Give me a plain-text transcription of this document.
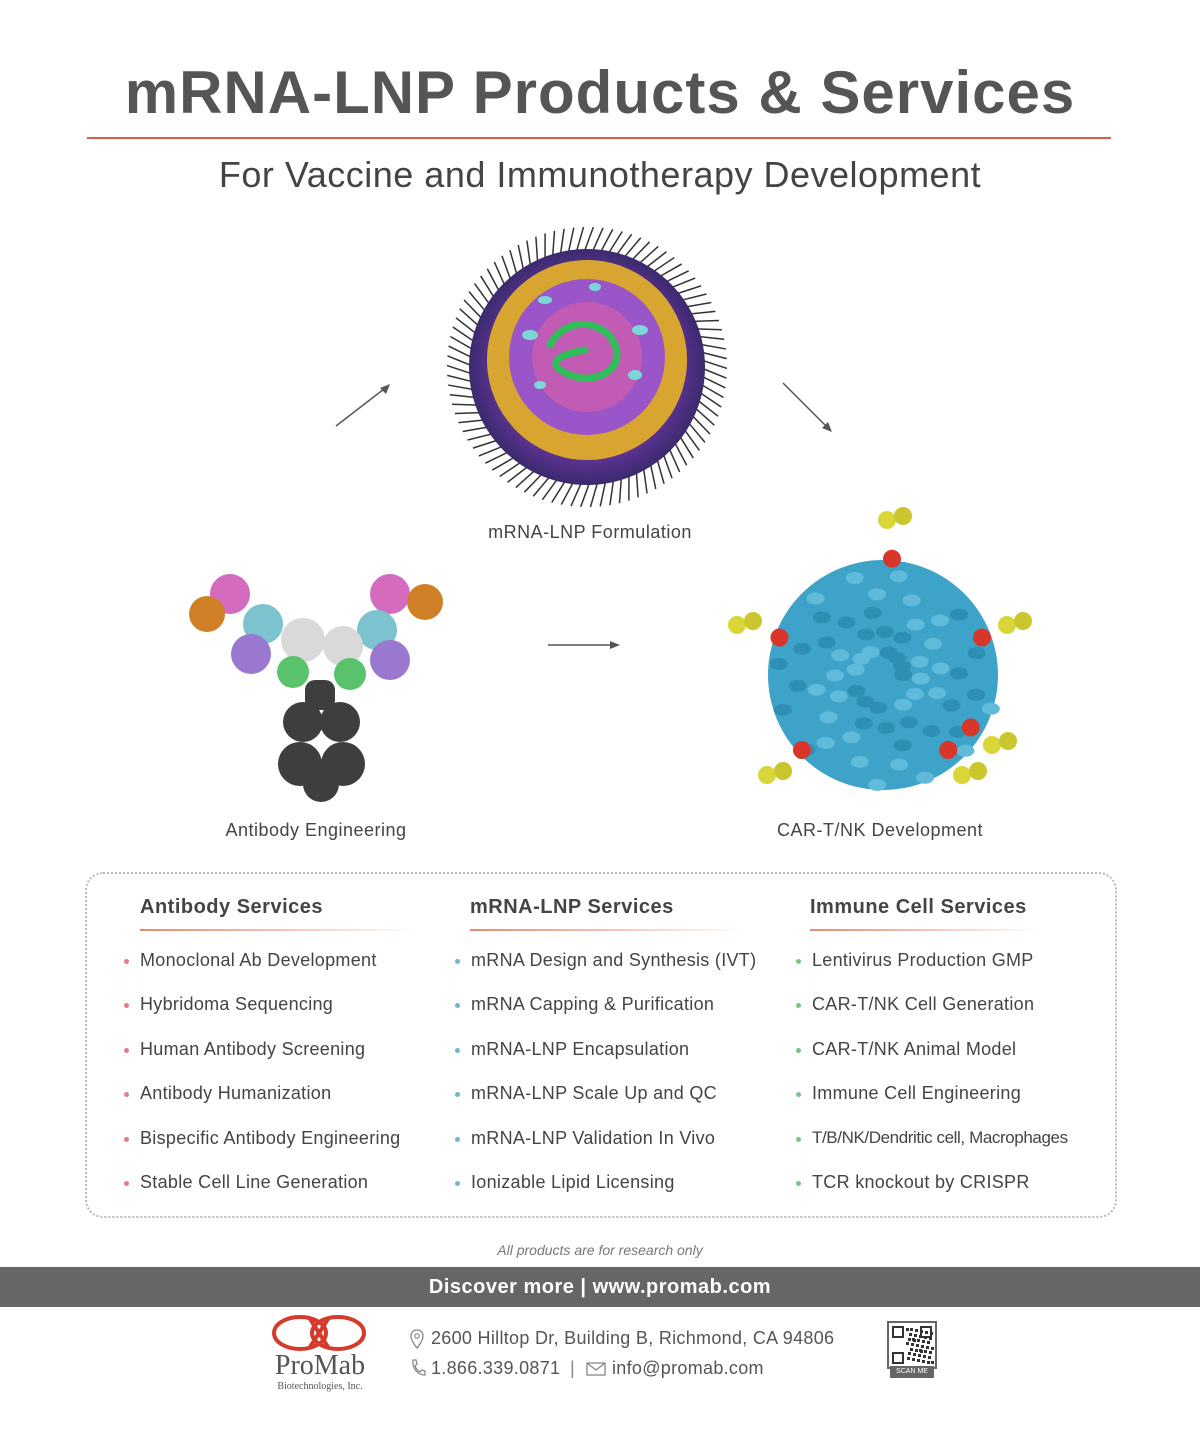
mRNA-LNP Products & Services
For Vaccine and Immunotherapy Development
mRNA-LNP Formulation
Antibody Engineering	CAR-T/NK Development
Antibody Services	mRNA-LNP Services	Immune Cell Services
Monoclonal Ab Development
Hybridoma Sequencing
Human Antibody Screening
Antibody Humanization
Bispecific Antibody Engineering
Stable Cell Line Generation
mRNA Design and Synthesis (IVT)
mRNA Capping & Purification
mRNA-LNP Encapsulation
mRNA-LNP Scale Up and QC
mRNA-LNP Validation In Vivo
Ionizable Lipid Licensing
Lentivirus Production GMP
CAR-T/NK Cell Generation
CAR-T/NK Animal Model
Immune Cell Engineering
T/B/NK/Dendritic cell, Macrophages
TCR knockout by CRISPR
All products are for research only
Discover more | www.promab.com
ProMab
Biotechnologies, Inc.
2600 Hilltop Dr, Building B, Richmond, CA 94806
1.866.339.0871 | info@promab.com	SCAN ME
